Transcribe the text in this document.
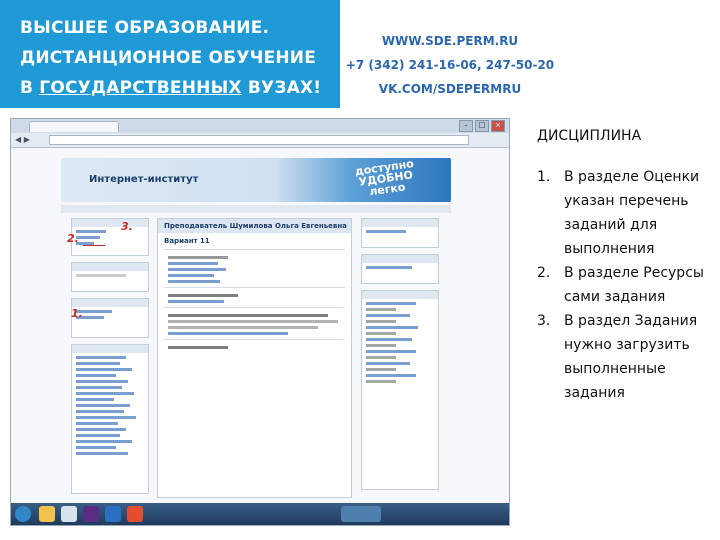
ВЫСШЕЕ ОБРАЗОВАНИЕ.
ДИСТАНЦИОННОЕ ОБУЧЕНИЕ
В ГОСУДАРСТВЕННЫХ ВУЗАХ!
WWW.SDE.PERM.RU
+7 (342) 241-16-06, 247-50-20
VK.COM/SDEPERMRU
–	□	×
◀ ▶
Интернет-институт
доступно УДОБНО легко
Преподаватель Шумилова Ольга Евгеньевна
Вариант 11
2.
3.
1.
ДИСЦИПЛИНА
1. В разделе Оценки указан перечень заданий для выполнения
2. В разделе Ресурсы сами задания
3. В раздел Задания нужно загрузить выполненные задания
